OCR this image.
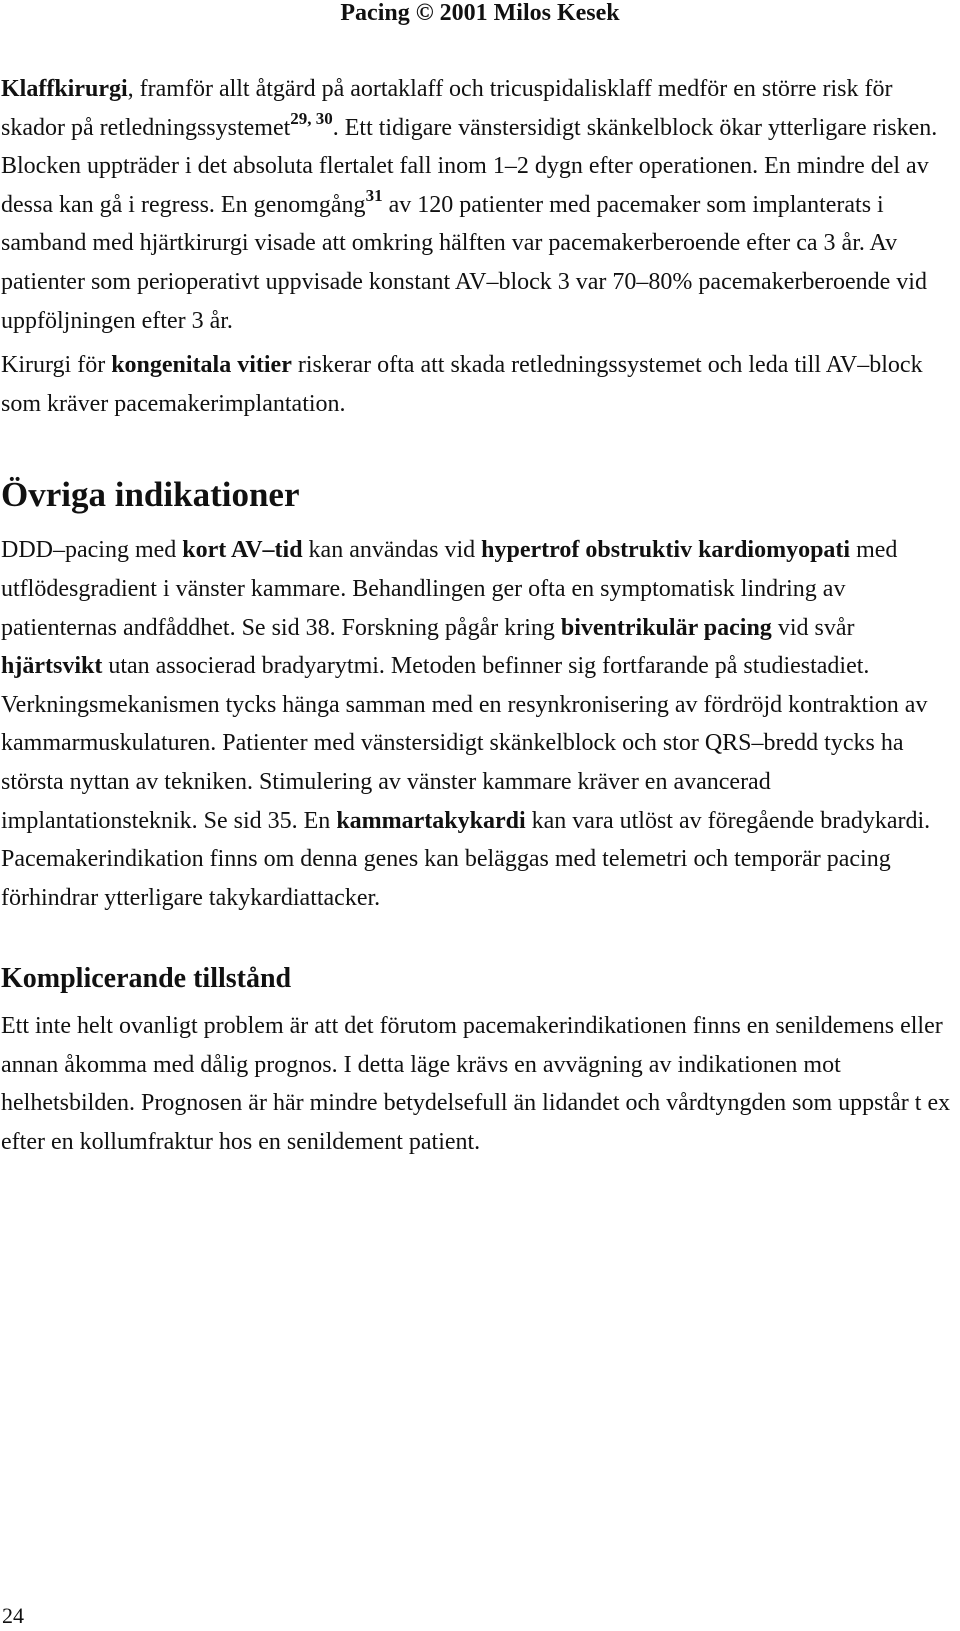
Pacing © 2001 Milos Kesek

Klaffkirurgi, framför allt åtgärd på aortaklaff och tricuspidalisklaff medför en större risk för skador på retledningssystemet$^{29, 30}$. Ett tidigare vänstersidigt skänkelblock ökar ytterligare risken. Blocken uppträder i det absoluta flertalet fall inom 1–2 dygn efter operationen. En mindre del av dessa kan gå i regress. En genomgång$^{31}$ av 120 patienter med pacemaker som implanterats i samband med hjärtkirurgi visade att omkring hälften var pacemakerberoende efter ca 3 år. Av patienter som perioperativt uppvisade konstant AV–block 3 var 70–80% pacemakerberoende vid uppföljningen efter 3 år.

Kirurgi för kongenitala vitier riskerar ofta att skada retledningssystemet och leda till AV–block som kräver pacemakerimplantation.

Övriga indikationer

DDD–pacing med kort AV–tid kan användas vid hypertrof obstruktiv kardiomyopati med utflödesgradient i vänster kammare. Behandlingen ger ofta en symptomatisk lindring av patienternas andfåddhet. Se sid 38. Forskning pågår kring biventrikulär pacing vid svår hjärtsvikt utan associerad bradyarytmi. Metoden befinner sig fortfarande på studiestadiet. Verkningsmekanismen tycks hänga samman med en resynkronisering av fördröjd kontraktion av kammarmuskulaturen. Patienter med vänstersidigt skänkelblock och stor QRS–bredd tycks ha största nyttan av tekniken. Stimulering av vänster kammare kräver en avancerad implantationsteknik. Se sid 35. En kammartakykardi kan vara utlöst av föregående bradykardi. Pacemakerindikation finns om denna genes kan beläggas med telemetri och temporär pacing förhindrar ytterligare takykardiattacker.

Komplicerande tillstånd

Ett inte helt ovanligt problem är att det förutom pacemakerindikationen finns en senildemens eller annan åkomma med dålig prognos. I detta läge krävs en avvägning av indikationen mot helhetsbilden. Prognosen är här mindre betydelsefull än lidandet och vårdtyngden som uppstår t ex efter en kollumfraktur hos en senildement patient.

24
